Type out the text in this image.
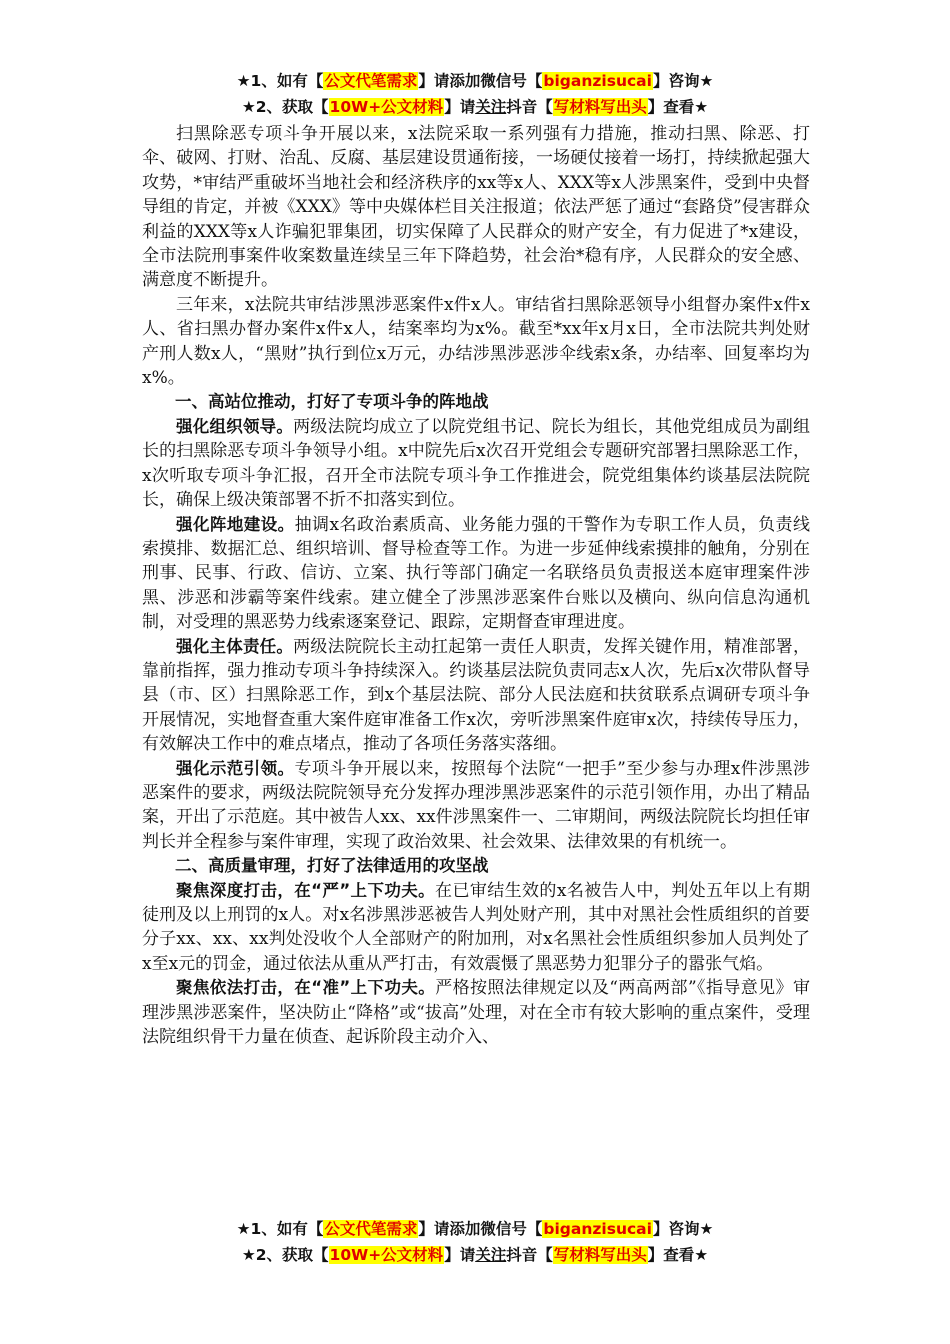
★1、如有【公文代笔需求】请添加微信号【biganzisucai】咨询★
★2、获取【10W+公文材料】请关注抖音【写材料写出头】查看★

扫黑除恶专项斗争开展以来，x法院采取一系列强有力措施，推动扫黑、除恶、打伞、破网、打财、治乱、反腐、基层建设贯通衔接，一场硬仗接着一场打，持续掀起强大攻势，*审结严重破坏当地社会和经济秩序的xx等x人、XXX等x人涉黑案件，受到中央督导组的肯定，并被《XXX》等中央媒体栏目关注报道；依法严惩了通过“套路贷”侵害群众利益的XXX等x人诈骗犯罪集团，切实保障了人民群众的财产安全，有力促进了*x建设，全市法院刑事案件收案数量连续呈三年下降趋势，社会治*稳有序，人民群众的安全感、满意度不断提升。

三年来，x法院共审结涉黑涉恶案件x件x人。审结省扫黑除恶领导小组督办案件x件x人、省扫黑办督办案件x件x人，结案率均为x%。截至*xx年x月x日，全市法院共判处财产刑人数x人，“黑财”执行到位x万元，办结涉黑涉恶涉伞线索x条，办结率、回复率均为x%。

一、高站位推动，打好了专项斗争的阵地战

强化组织领导。两级法院均成立了以院党组书记、院长为组长，其他党组成员为副组长的扫黑除恶专项斗争领导小组。x中院先后x次召开党组会专题研究部署扫黑除恶工作，x次听取专项斗争汇报，召开全市法院专项斗争工作推进会，院党组集体约谈基层法院院长，确保上级决策部署不折不扣落实到位。

强化阵地建设。抽调x名政治素质高、业务能力强的干警作为专职工作人员，负责线索摸排、数据汇总、组织培训、督导检查等工作。为进一步延伸线索摸排的触角，分别在刑事、民事、行政、信访、立案、执行等部门确定一名联络员负责报送本庭审理案件涉黑、涉恶和涉霸等案件线索。建立健全了涉黑涉恶案件台账以及横向、纵向信息沟通机制，对受理的黑恶势力线索逐案登记、跟踪，定期督查审理进度。

强化主体责任。两级法院院长主动扛起第一责任人职责，发挥关键作用，精准部署，靠前指挥，强力推动专项斗争持续深入。约谈基层法院负责同志x人次，先后x次带队督导县（市、区）扫黑除恶工作，到x个基层法院、部分人民法庭和扶贫联系点调研专项斗争开展情况，实地督查重大案件庭审准备工作x次，旁听涉黑案件庭审x次，持续传导压力，有效解决工作中的难点堵点，推动了各项任务落实落细。

强化示范引领。专项斗争开展以来，按照每个法院“一把手”至少参与办理x件涉黑涉恶案件的要求，两级法院院领导充分发挥办理涉黑涉恶案件的示范引领作用，办出了精品案，开出了示范庭。其中被告人xx、xx件涉黑案件一、二审期间，两级法院院长均担任审判长并全程参与案件审理，实现了政治效果、社会效果、法律效果的有机统一。

二、高质量审理，打好了法律适用的攻坚战

聚焦深度打击，在“严”上下功夫。在已审结生效的x名被告人中，判处五年以上有期徒刑及以上刑罚的x人。对x名涉黑涉恶被告人判处财产刑，其中对黑社会性质组织的首要分子xx、xx、xx判处没收个人全部财产的附加刑，对x名黑社会性质组织参加人员判处了x至x元的罚金，通过依法从重从严打击，有效震慑了黑恶势力犯罪分子的嚣张气焰。

聚焦依法打击，在“准”上下功夫。严格按照法律规定以及“两高两部”《指导意见》审理涉黑涉恶案件，坚决防止“降格”或“拔高”处理，对在全市有较大影响的重点案件，受理法院组织骨干力量在侦查、起诉阶段主动介入、

★1、如有【公文代笔需求】请添加微信号【biganzisucai】咨询★
★2、获取【10W+公文材料】请关注抖音【写材料写出头】查看★
